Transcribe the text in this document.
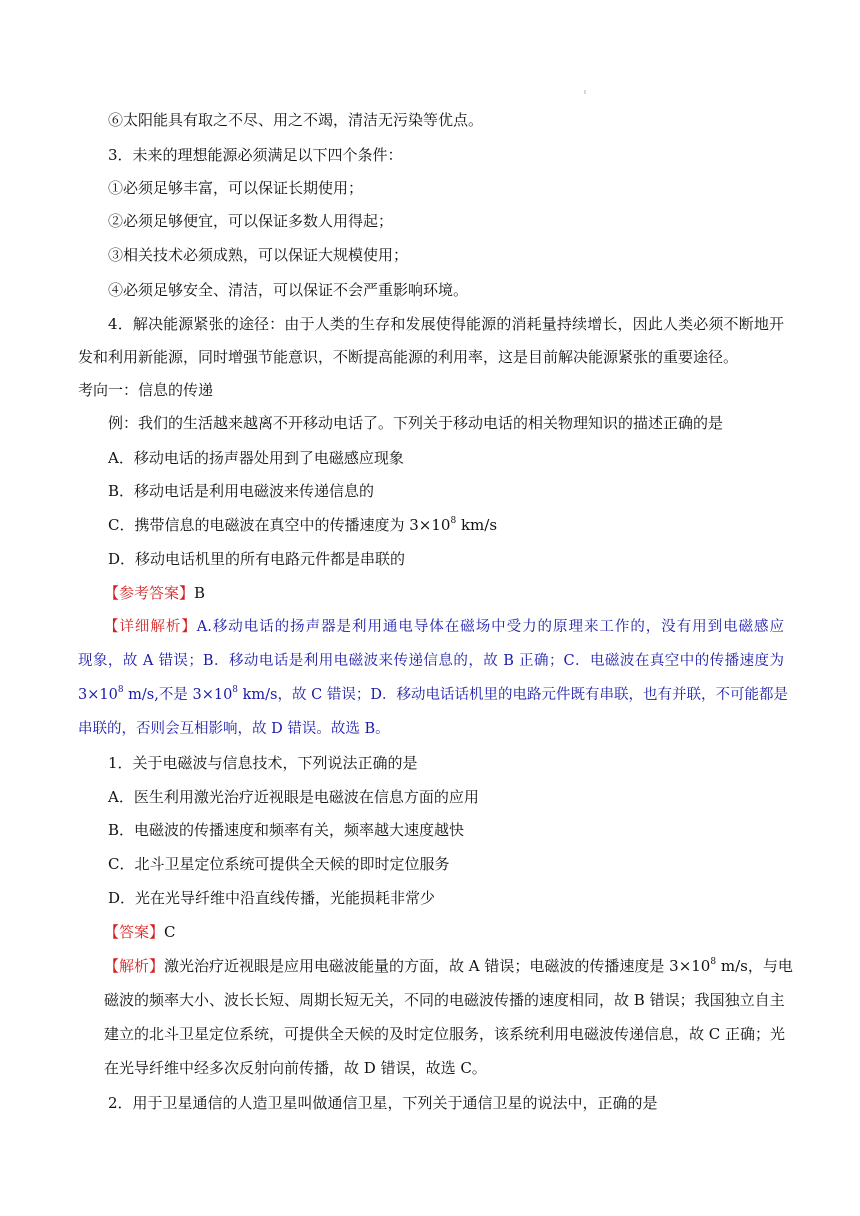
ı
⑥太阳能具有取之不尽、用之不竭，清洁无污染等优点。
3．未来的理想能源必须满足以下四个条件：
①必须足够丰富，可以保证长期使用；
②必须足够便宜，可以保证多数人用得起；
③相关技术必须成熟，可以保证大规模使用；
④必须足够安全、清洁，可以保证不会严重影响环境。
4．解决能源紧张的途径：由于人类的生存和发展使得能源的消耗量持续增长，因此人类必须不断地开
发和利用新能源，同时增强节能意识，不断提高能源的利用率，这是目前解决能源紧张的重要途径。
考向一：信息的传递
例：我们的生活越来越离不开移动电话了。下列关于移动电话的相关物理知识的描述正确的是
A．移动电话的扬声器处用到了电磁感应现象
B．移动电话是利用电磁波来传递信息的
C．携带信息的电磁波在真空中的传播速度为 $3\times 10^8$ km/s
D．移动电话机里的所有电路元件都是串联的
【参考答案】B
【详细解析】A.移动电话的扬声器是利用通电导体在磁场中受力的原理来工作的，没有用到电磁感应
现象，故 A 错误；B．移动电话是利用电磁波来传递信息的，故 B 正确；C．电磁波在真空中的传播速度为
$3\times 10^8$ m/s,不是 $3\times 10^8$ km/s，故 C 错误；D．移动电话话机里的电路元件既有串联，也有并联，不可能都是
串联的，否则会互相影响，故 D 错误。故选 B。
1．关于电磁波与信息技术，下列说法正确的是
A．医生利用激光治疗近视眼是电磁波在信息方面的应用
B．电磁波的传播速度和频率有关，频率越大速度越快
C．北斗卫星定位系统可提供全天候的即时定位服务
D．光在光导纤维中沿直线传播，光能损耗非常少
【答案】C
【解析】激光治疗近视眼是应用电磁波能量的方面，故 A 错误；电磁波的传播速度是 $3\times 10^8$ m/s，与电
磁波的频率大小、波长长短、周期长短无关，不同的电磁波传播的速度相同，故 B 错误；我国独立自主
建立的北斗卫星定位系统，可提供全天候的及时定位服务，该系统利用电磁波传递信息，故 C 正确；光
在光导纤维中经多次反射向前传播，故 D 错误，故选 C。
2．用于卫星通信的人造卫星叫做通信卫星，下列关于通信卫星的说法中，正确的是
